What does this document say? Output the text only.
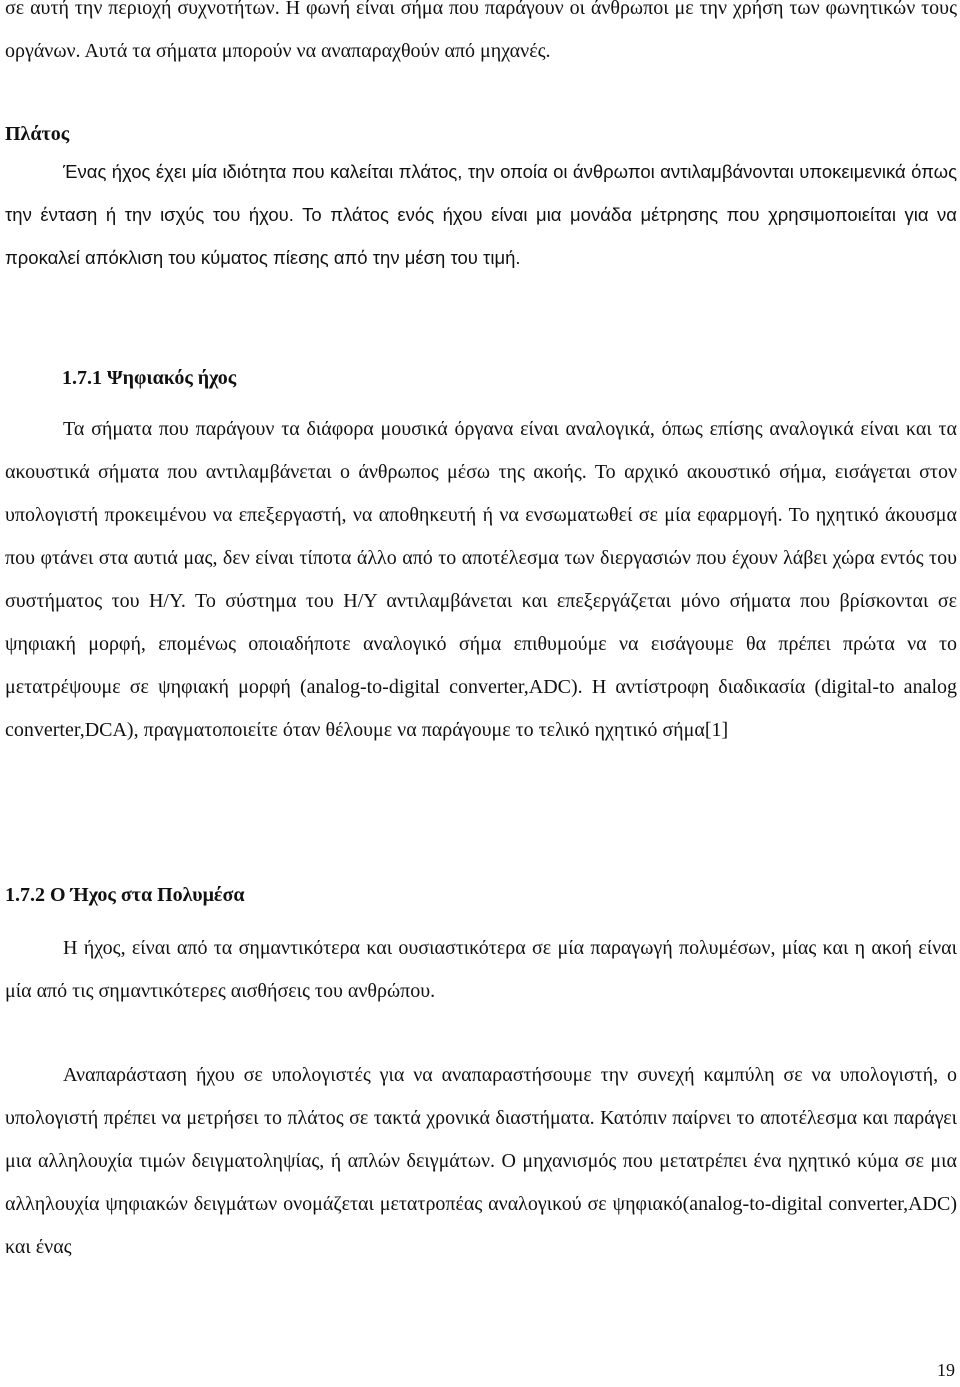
σε αυτή την περιοχή συχνοτήτων. Η φωνή είναι σήμα που παράγουν οι άνθρωποι με την χρήση των φωνητικών τους οργάνων. Αυτά τα σήματα μπορούν να αναπαραχθούν από μηχανές.

Πλάτος

Ένας ήχος έχει μία ιδιότητα που καλείται πλάτος, την οποία οι άνθρωποι αντιλαμβάνονται υποκειμενικά όπως την ένταση ή την ισχύς του ήχου. Το πλάτος ενός ήχου είναι μια μονάδα μέτρησης που χρησιμοποιείται για να προκαλεί απόκλιση του κύματος πίεσης από την μέση του τιμή.

1.7.1 Ψηφιακός ήχος

Τα σήματα που παράγουν τα διάφορα μουσικά όργανα είναι αναλογικά, όπως επίσης αναλογικά είναι και τα ακουστικά σήματα που αντιλαμβάνεται ο άνθρωπος μέσω της ακοής. Το αρχικό ακουστικό σήμα, εισάγεται στον υπολογιστή προκειμένου να επεξεργαστή, να αποθηκευτή ή να ενσωματωθεί σε μία εφαρμογή. Το ηχητικό άκουσμα που φτάνει στα αυτιά μας, δεν είναι τίποτα άλλο από το αποτέλεσμα των διεργασιών που έχουν λάβει χώρα εντός του συστήματος του Η/Υ. Το σύστημα του Η/Υ αντιλαμβάνεται και επεξεργάζεται μόνο σήματα που βρίσκονται σε ψηφιακή μορφή, επομένως οποιαδήποτε αναλογικό σήμα επιθυμούμε να εισάγουμε θα πρέπει πρώτα να το μετατρέψουμε σε ψηφιακή μορφή (analog-to-digital converter,ADC). Η αντίστροφη διαδικασία (digital-to analog converter,DCA), πραγματοποιείτε όταν θέλουμε να παράγουμε το τελικό ηχητικό σήμα[1]

1.7.2 Ο Ήχος στα Πολυμέσα

Η ήχος, είναι από τα σημαντικότερα και ουσιαστικότερα σε μία παραγωγή πολυμέσων, μίας και η ακοή είναι μία από τις σημαντικότερες αισθήσεις του ανθρώπου.

Αναπαράσταση ήχου σε υπολογιστές για να αναπαραστήσουμε την συνεχή καμπύλη σε να υπολογιστή, ο υπολογιστή πρέπει να μετρήσει το πλάτος σε τακτά χρονικά διαστήματα. Κατόπιν παίρνει το αποτέλεσμα και παράγει μια αλληλουχία τιμών δειγματοληψίας, ή απλών δειγμάτων. Ο μηχανισμός που μετατρέπει ένα ηχητικό κύμα σε μια αλληλουχία ψηφιακών δειγμάτων ονομάζεται μετατροπέας αναλογικού σε ψηφιακό(analog-to-digital converter,ADC) και ένας

19
